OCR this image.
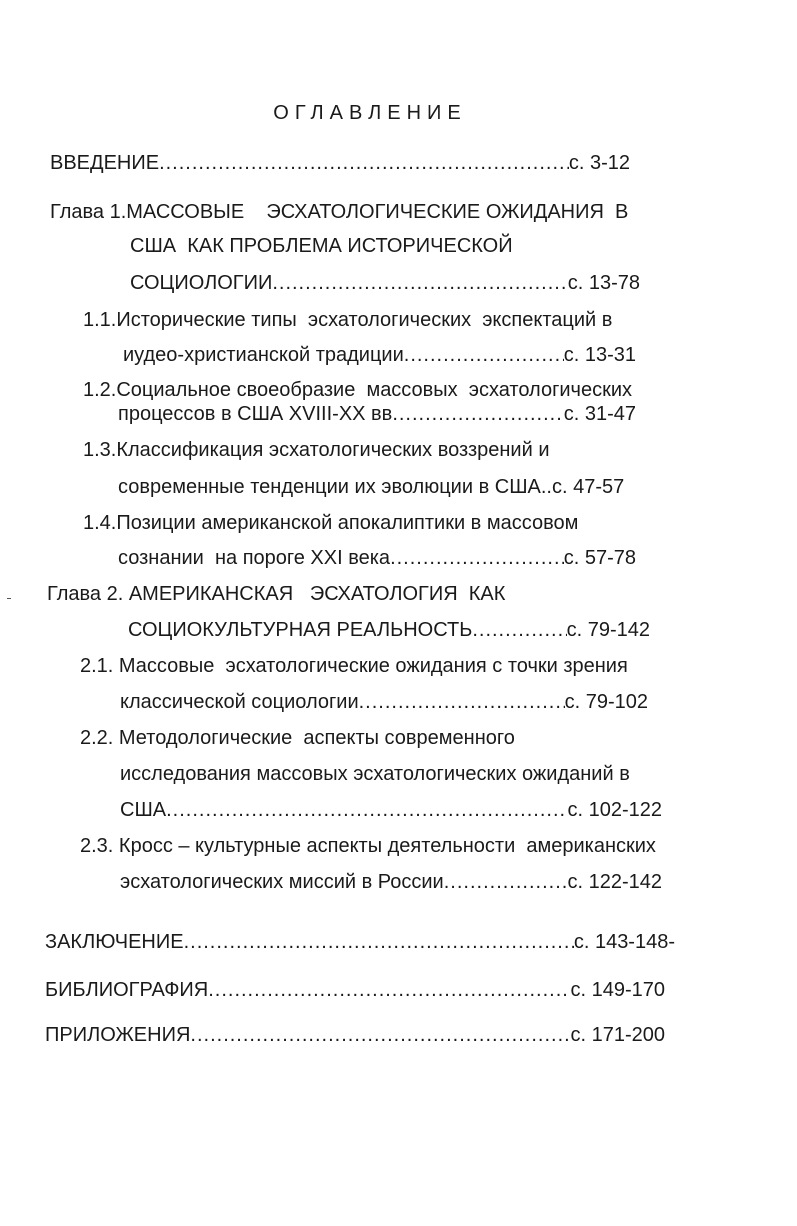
ОГЛАВЛЕНИЕ
ВВЕДЕНИЕ .....	с. 3-12
Глава 1.МАССОВЫЕ    ЭСХАТОЛОГИЧЕСКИЕ ОЖИДАНИЯ  В
США  КАК ПРОБЛЕМА ИСТОРИЧЕСКОЙ
СОЦИОЛОГИИ .....	с. 13-78
1.1.Исторические типы  эсхатологических  экспектаций в
иудео-христианской традиции .....	с. 13-31
1.2.Социальное своеобразие  массовых  эсхатологических
процессов в США XVIII-XX вв .....	с. 31-47
1.3.Классификация эсхатологических воззрений и
современные тенденции их эволюции в США..с. 47-57
1.4.Позиции американской апокалиптики в массовом
сознании  на пороге XXI века .....	с. 57-78
Глава 2. АМЕРИКАНСКАЯ   ЭСХАТОЛОГИЯ  КАК
СОЦИОКУЛЬТУРНАЯ РЕАЛЬНОСТЬ .....	с. 79-142
2.1. Массовые  эсхатологические ожидания с точки зрения
классической социологии .....	с. 79-102
2.2. Методологические  аспекты современного
исследования массовых эсхатологических ожиданий в
США .....	с. 102-122
2.3. Кросс – культурные аспекты деятельности  американских
эсхатологических миссий в России .....	с. 122-142
ЗАКЛЮЧЕНИЕ .....	с. 143-148-
БИБЛИОГРАФИЯ .....	с. 149-170
ПРИЛОЖЕНИЯ .....	с. 171-200
